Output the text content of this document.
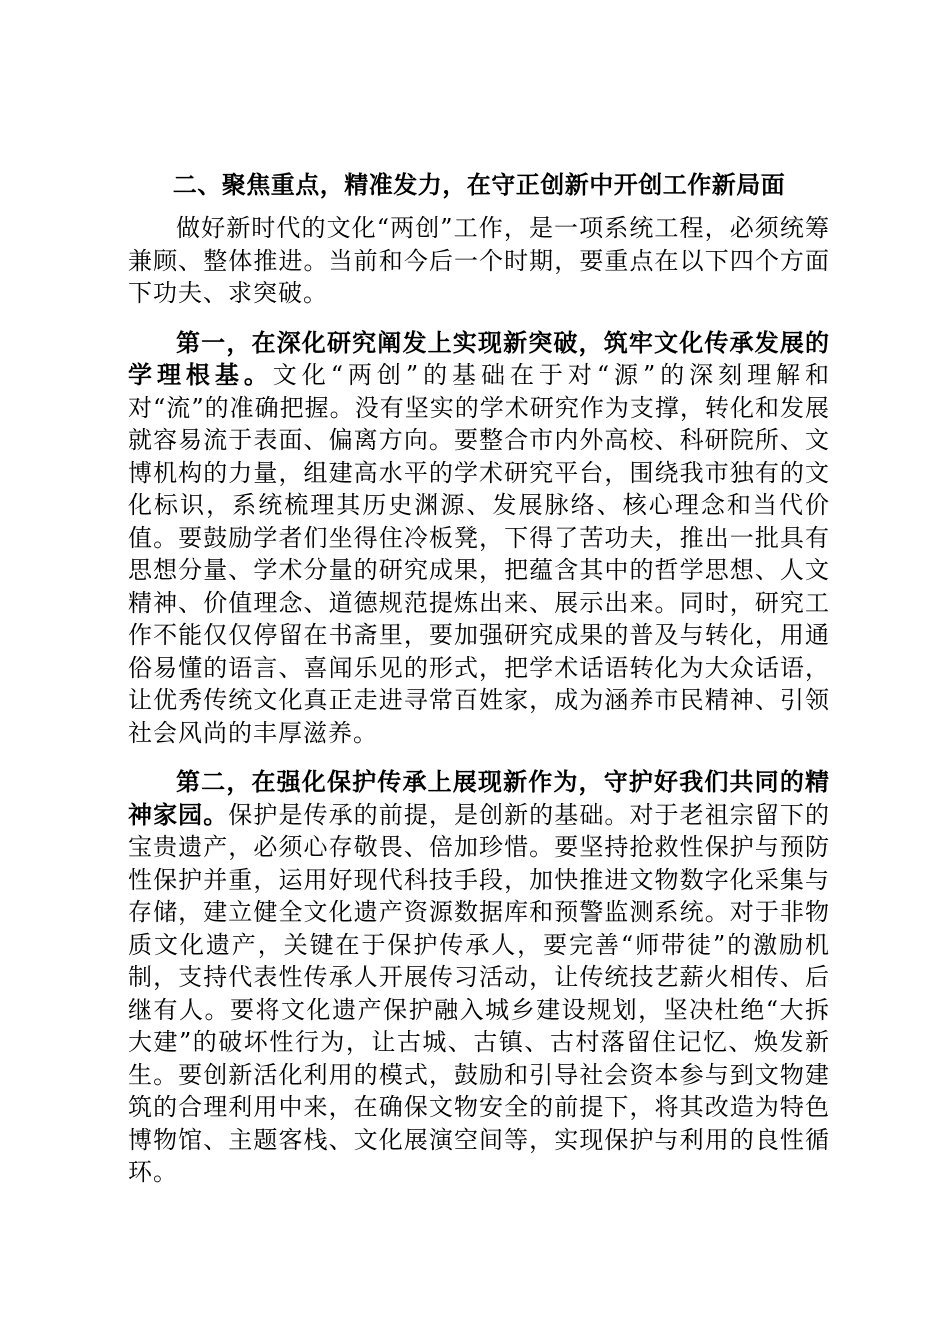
二、聚焦重点，精准发力，在守正创新中开创工作新局面

做好新时代的文化“两创”工作，是一项系统工程，必须统筹兼顾、整体推进。当前和今后一个时期，要重点在以下四个方面下功夫、求突破。

第一，在深化研究阐发上实现新突破，筑牢文化传承发展的学理根基。文化“两创”的基础在于对“源”的深刻理解和对“流”的准确把握。没有坚实的学术研究作为支撑，转化和发展就容易流于表面、偏离方向。要整合市内外高校、科研院所、文博机构的力量，组建高水平的学术研究平台，围绕我市独有的文化标识，系统梳理其历史渊源、发展脉络、核心理念和当代价值。要鼓励学者们坐得住冷板凳，下得了苦功夫，推出一批具有思想分量、学术分量的研究成果，把蕴含其中的哲学思想、人文精神、价值理念、道德规范提炼出来、展示出来。同时，研究工作不能仅仅停留在书斋里，要加强研究成果的普及与转化，用通俗易懂的语言、喜闻乐见的形式，把学术话语转化为大众话语，让优秀传统文化真正走进寻常百姓家，成为涵养市民精神、引领社会风尚的丰厚滋养。

第二，在强化保护传承上展现新作为，守护好我们共同的精神家园。保护是传承的前提，是创新的基础。对于老祖宗留下的宝贵遗产，必须心存敬畏、倍加珍惜。要坚持抢救性保护与预防性保护并重，运用好现代科技手段，加快推进文物数字化采集与存储，建立健全文化遗产资源数据库和预警监测系统。对于非物质文化遗产，关键在于保护传承人，要完善“师带徒”的激励机制，支持代表性传承人开展传习活动，让传统技艺薪火相传、后继有人。要将文化遗产保护融入城乡建设规划，坚决杜绝“大拆大建”的破坏性行为，让古城、古镇、古村落留住记忆、焕发新生。要创新活化利用的模式，鼓励和引导社会资本参与到文物建筑的合理利用中来，在确保文物安全的前提下，将其改造为特色博物馆、主题客栈、文化展演空间等，实现保护与利用的良性循环。
